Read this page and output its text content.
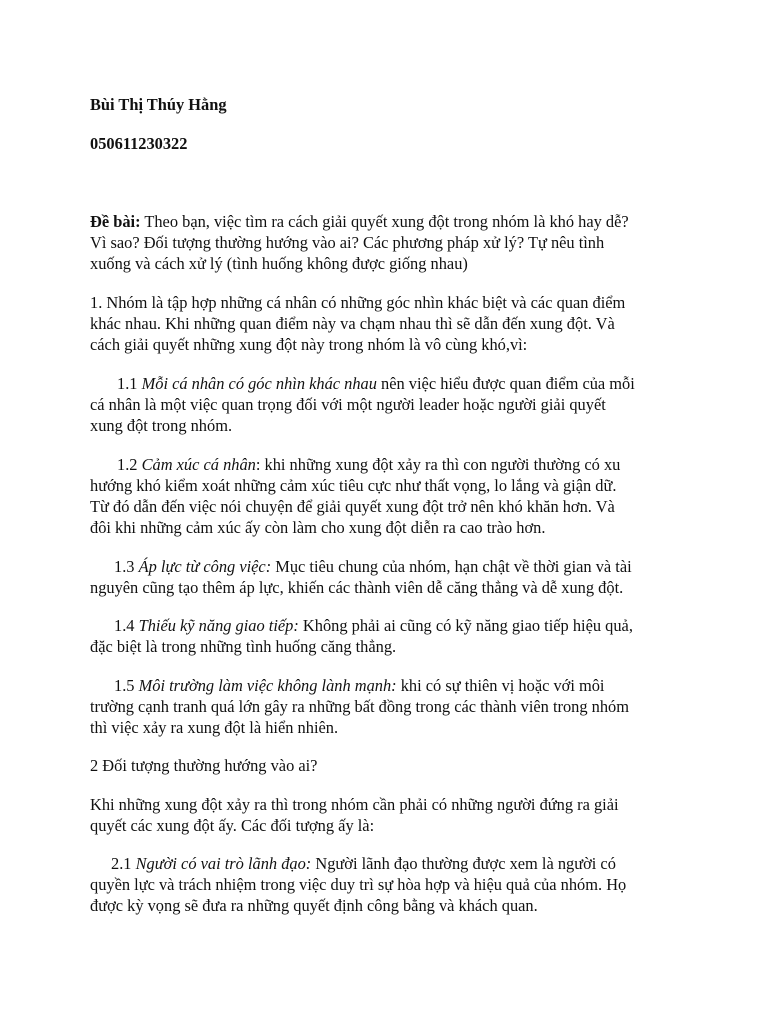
Bùi Thị Thúy Hằng
050611230322
Đề bài: Theo bạn, việc tìm ra cách giải quyết xung đột trong nhóm là khó hay dễ?
Vì sao? Đối tượng thường hướng vào ai? Các phương pháp xử lý? Tự nêu tình
xuống và cách xử lý (tình huống không được giống nhau)
1. Nhóm là tập hợp những cá nhân có những góc nhìn khác biệt và các quan điểm
khác nhau. Khi những quan điểm này va chạm nhau thì sẽ dẫn đến xung đột. Và
cách giải quyết những xung đột này trong nhóm là vô cùng khó,vì:
1.1 Mỗi cá nhân có góc nhìn khác nhau nên việc hiểu được quan điểm của mỗi
cá nhân là một việc quan trọng đối với một người leader hoặc người giải quyết
xung đột trong nhóm.
1.2 Cảm xúc cá nhân: khi những xung đột xảy ra thì con người thường có xu
hướng khó kiểm xoát những cảm xúc tiêu cực như thất vọng, lo lắng và giận dữ.
Từ đó dẫn đến việc nói chuyện để giải quyết xung đột trở nên khó khăn hơn. Và
đôi khi những cảm xúc ấy còn làm cho xung đột diễn ra cao trào hơn.
1.3 Áp lực từ công việc: Mục tiêu chung của nhóm, hạn chật về thời gian và tài
nguyên cũng tạo thêm áp lực, khiến các thành viên dễ căng thẳng và dễ xung đột.
1.4 Thiếu kỹ năng giao tiếp: Không phải ai cũng có kỹ năng giao tiếp hiệu quả,
đặc biệt là trong những tình huống căng thẳng.
1.5 Môi trường làm việc không lành mạnh: khi có sự thiên vị hoặc với môi
trường cạnh tranh quá lớn gây ra những bất đồng trong các thành viên trong nhóm
thì việc xảy ra xung đột là hiển nhiên.
2 Đối tượng thường hướng vào ai?
Khi những xung đột xảy ra thì trong nhóm cần phải có những người đứng ra giải
quyết các xung đột ấy. Các đối tượng ấy là:
2.1 Người có vai trò lãnh đạo: Người lãnh đạo thường được xem là người có
quyền lực và trách nhiệm trong việc duy trì sự hòa hợp và hiệu quả của nhóm. Họ
được kỳ vọng sẽ đưa ra những quyết định công bằng và khách quan.
